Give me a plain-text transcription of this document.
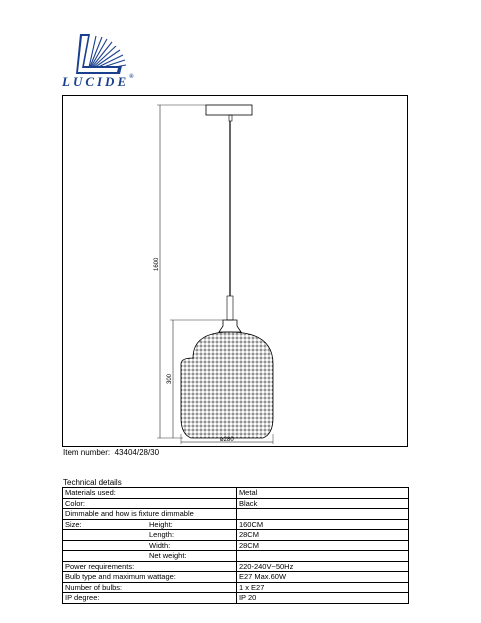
LUCIDE®
1600
300
ø280
Item number: 43404/28/30
Technical details
Materials used:	Metal
Color:	Black
Dimmable and how is fixture dimmable	
Size: Height:	160CM
Length:	28CM
Width:	28CM
Net weight:	
Power requirements:	220-240V~50Hz
Bulb type and maximum wattage:	E27 Max.60W
Number of bulbs:	1 x E27
IP degree:	IP 20
